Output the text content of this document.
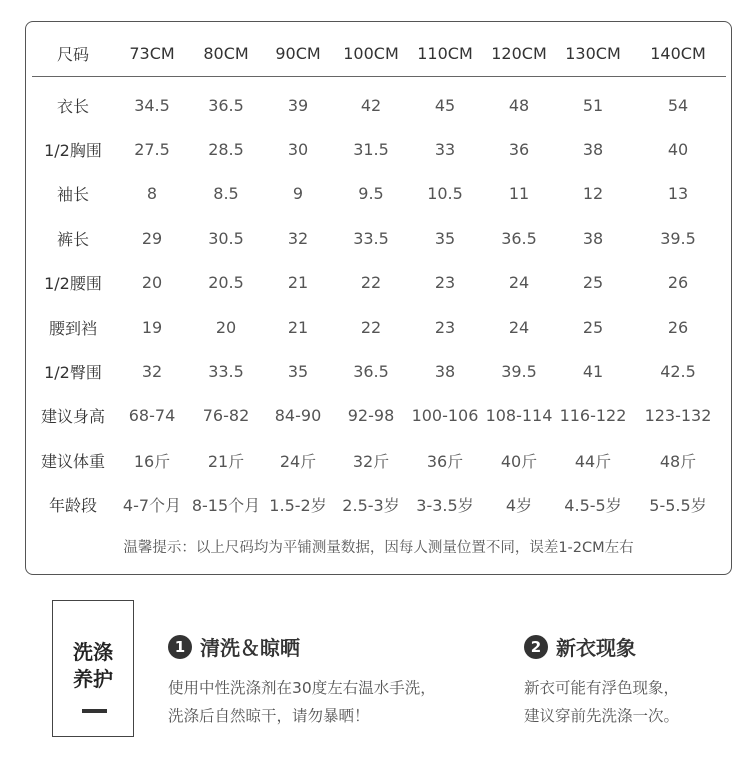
尺码	73CM	80CM	90CM	100CM	110CM	120CM	130CM	140CM
衣长	34.5	36.5	39	42	45	48	51	54
1/2胸围	27.5	28.5	30	31.5	33	36	38	40
袖长	8	8.5	9	9.5	10.5	11	12	13
裤长	29	30.5	32	33.5	35	36.5	38	39.5
1/2腰围	20	20.5	21	22	23	24	25	26
腰到裆	19	20	21	22	23	24	25	26
1/2臀围	32	33.5	35	36.5	38	39.5	41	42.5
建议身高	68-74	76-82	84-90	92-98	100-106	108-114	116-122	123-132
建议体重	16斤	21斤	24斤	32斤	36斤	40斤	44斤	48斤
年龄段	4-7个月	8-15个月	1.5-2岁	2.5-3岁	3-3.5岁	4岁	4.5-5岁	5-5.5岁
温馨提示：以上尺码均为平铺测量数据，因每人测量位置不同，误差1-2CM左右
洗涤
养护
1 清洗＆晾晒
使用中性洗涤剂在30度左右温水手洗，
洗涤后自然晾干，请勿暴晒！
2 新衣现象
新衣可能有浮色现象，
建议穿前先洗涤一次。
